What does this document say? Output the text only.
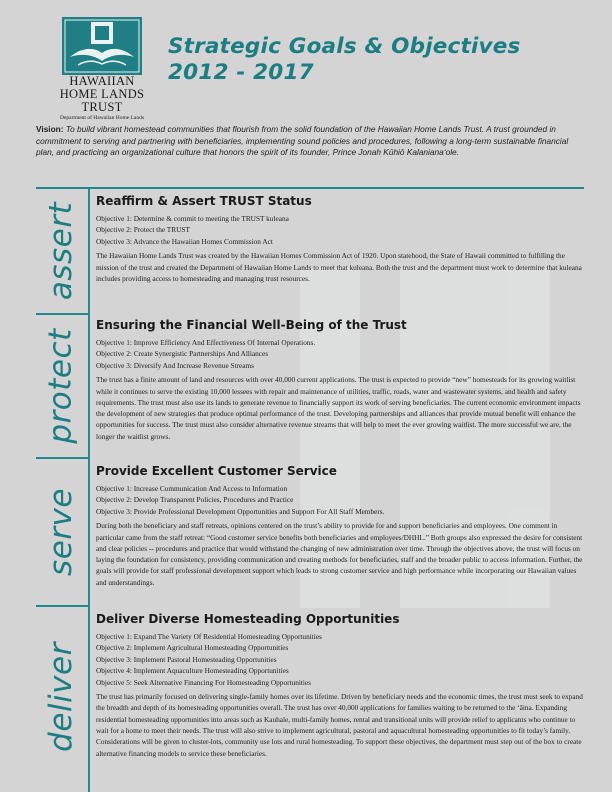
HAWAIIAN
HOME LANDS
TRUST
Department of Hawaiian Home Lands
Strategic Goals & Objectives
2012 - 2017
Vision: To build vibrant homestead communities that flourish from the solid foundation of the Hawaiian Home Lands Trust. A trust grounded in commitment to serving and partnering with beneficiaries, implementing sound policies and procedures, following a long-term sustainable financial plan, and practicing an organizational culture that honors the spirit of its founder, Prince Jonah Kūhiō Kalanianaʻole.
assert
protect
serve
deliver
Reaffirm & Assert TRUST Status
Objective 1: Determine & commit to meeting the TRUST kuleana
Objective 2: Protect the TRUST
Objective 3: Advance the Hawaiian Homes Commission Act
The Hawaiian Home Lands Trust was created by the Hawaiian Homes Commission Act of 1920. Upon statehood, the State of Hawaii committed to fulfilling the mission of the trust and created the Department of Hawaiian Home Lands to meet that kuleana. Both the trust and the department must work to determine that kuleana includes providing access to homesteading and managing trust resources.
Ensuring the Financial Well-Being of the Trust
Objective 1: Improve Efficiency And Effectiveness Of Internal Operations.
Objective 2: Create Synergistic Partnerships And Alliances
Objective 3: Diversify And Increase Revenue Streams
The trust has a finite amount of land and resources with over 40,000 current applications. The trust is expected to provide “new” homesteads for its growing waitlist while it continues to serve the existing 10,000 lessees with repair and maintenance of utilities, traffic, roads, water and wastewater systems, and health and safety requirements. The trust must also use its lands to generate revenue to financially support its work of serving beneficiaries. The current economic environment impacts the development of new strategies that produce optimal performance of the trust. Developing partnerships and alliances that provide mutual benefit will enhance the opportunities for success. The trust must also consider alternative revenue streams that will help to meet the ever growing waitlist. The more successful we are, the longer the waitlist grows.
Provide Excellent Customer Service
Objective 1: Increase Communication And Access to Information
Objective 2: Develop Transparent Policies, Procedures and Practice
Objective 3: Provide Professional Development Opportunities and Support For All Staff Members.
During both the beneficiary and staff retreats, opinions centered on the trust’s ability to provide for and support beneficiaries and employees. One comment in particular came from the staff retreat: “Good customer service benefits both beneficiaries and employees/DHHL.” Both groups also expressed the desire for consistent and clear policies -- procedures and practice that would withstand the changing of new administration over time. Through the objectives above, the trust will focus on laying the foundation for consistency, providing communication and creating methods for beneficiaries, staff and the broader public to access information. Further, the goals will provide for staff professional development support which leads to strong customer service and high performance while incorporating our Hawaiian values and understandings.
Deliver Diverse Homesteading Opportunities
Objective 1: Expand The Variety Of Residential Homesteading Opportunities
Objective 2: Implement Agricultural Homesteading Opportunities
Objective 3: Implement Pastoral Homesteading Opportunities
Objective 4: Implement Aquaculture Homesteading Opportunities
Objective 5: Seek Alternative Financing For Homesteading Opportunities
The trust has primarily focused on delivering single-family homes over its lifetime. Driven by beneficiary needs and the economic times, the trust must seek to expand the breadth and depth of its homesteading opportunities overall. The trust has over 40,000 applications for families waiting to be returned to the ʻāina. Expanding residential homesteading opportunities into areas such as Kauhale, multi-family homes, rental and transitional units will provide relief to applicants who continue to wait for a home to meet their needs. The trust will also strive to implement agricultural, pastoral and aquacultural homesteading opportunities to fit today’s family. Considerations will be given to cluster-lots, community use lots and rural homesteading. To support these objectives, the department must step out of the box to create alternative financing models to service these beneficiaries.
